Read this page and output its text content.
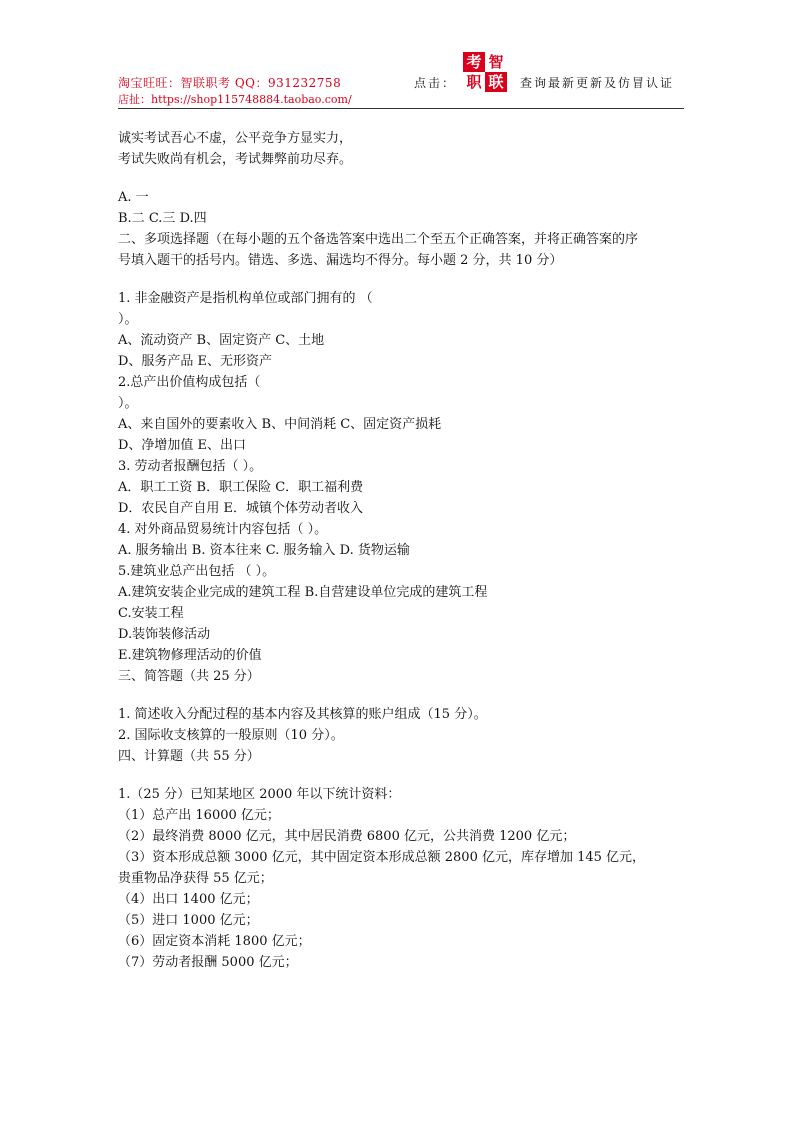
淘宝旺旺：智联职考 QQ：931232758
店扯：https://shop115748884.taobao.com/
点击：
考 智
职 联 查询最新更新及仿冒认证
诚实考试吾心不虚，公平竞争方显实力，
考试失败尚有机会，考试舞弊前功尽弃。
A. 一
B.二 C.三 D.四
二、多项选择题（在每小题的五个备选答案中选出二个至五个正确答案，并将正确答案的序
号填入题干的括号内。错选、多选、漏选均不得分。每小题 2 分，共 10 分）
1. 非金融资产是指机构单位或部门拥有的 （
）。
A、流动资产 B、固定资产 C、土地
D、服务产品 E、无形资产
2.总产出价值构成包括（
）。
A、来自国外的要素收入 B、中间消耗 C、固定资产损耗
D、净增加值 E、出口
3. 劳动者报酬包括（ ）。
A．职工工资 B．职工保险 C．职工福利费
D．农民自产自用 E．城镇个体劳动者收入
4. 对外商品贸易统计内容包括（ ）。
A. 服务输出 B. 资本往来 C. 服务输入 D. 货物运输
5.建筑业总产出包括 （ ）。
A.建筑安装企业完成的建筑工程 B.自营建设单位完成的建筑工程
C.安装工程
D.装饰装修活动
E.建筑物修理活动的价值
三、简答题（共 25 分）
1. 简述收入分配过程的基本内容及其核算的账户组成（15 分）。
2. 国际收支核算的一般原则（10 分）。
四、计算题（共 55 分）
1.（25 分）已知某地区 2000 年以下统计资料：
（1）总产出 16000 亿元；
（2）最终消费 8000 亿元，其中居民消费 6800 亿元，公共消费 1200 亿元；
（3）资本形成总额 3000 亿元，其中固定资本形成总额 2800 亿元，库存增加 145 亿元，
贵重物品净获得 55 亿元；
（4）出口 1400 亿元；
（5）进口 1000 亿元；
（6）固定资本消耗 1800 亿元；
（7）劳动者报酬 5000 亿元；
